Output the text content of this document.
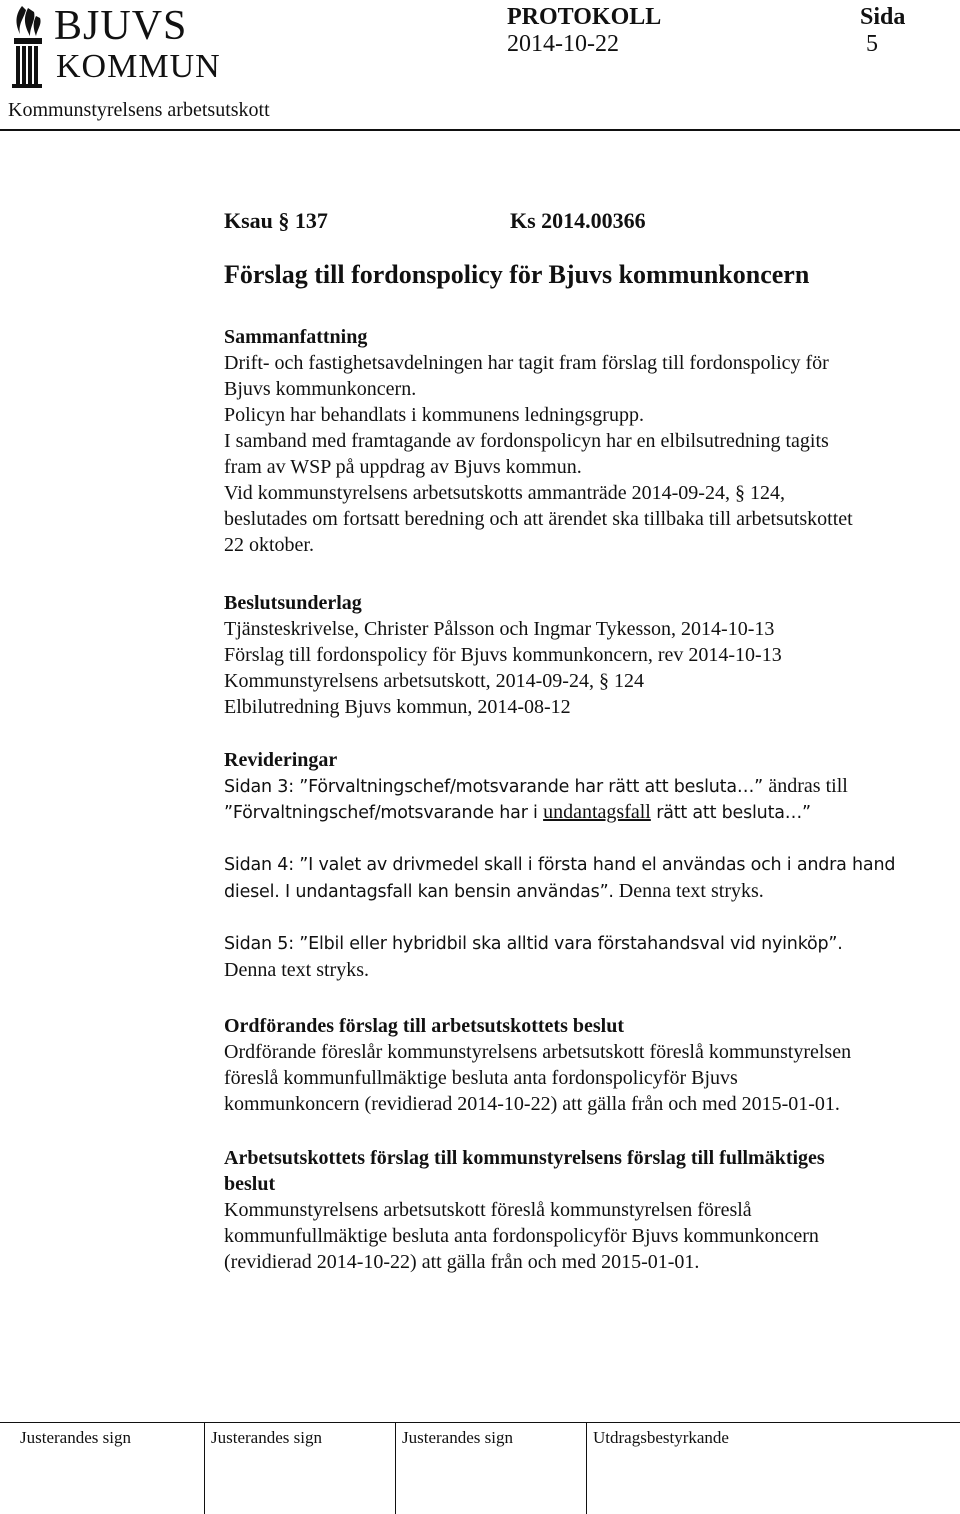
BJUVS
KOMMUN
PROTOKOLL
2014-10-22
Sida
5
Kommunstyrelsens arbetsutskott
Ksau § 137	Ks 2014.00366
Förslag till fordonspolicy för Bjuvs kommunkoncern
Sammanfattning
Drift- och fastighetsavdelningen har tagit fram förslag till fordonspolicy för
Bjuvs kommunkoncern.
Policyn har behandlats i kommunens ledningsgrupp.
I samband med framtagande av fordonspolicyn har en elbilsutredning tagits
fram av WSP på uppdrag av Bjuvs kommun.
Vid kommunstyrelsens arbetsutskotts ammanträde 2014-09-24, § 124,
beslutades om fortsatt beredning och att ärendet ska tillbaka till arbetsutskottet
22 oktober.
Beslutsunderlag
Tjänsteskrivelse, Christer Pålsson och Ingmar Tykesson, 2014-10-13
Förslag till fordonspolicy för Bjuvs kommunkoncern, rev 2014-10-13
Kommunstyrelsens arbetsutskott, 2014-09-24, § 124
Elbilutredning Bjuvs kommun, 2014-08-12
Revideringar
Sidan 3: ”Förvaltningschef/motsvarande har rätt att besluta…” ändras till
”Förvaltningschef/motsvarande har i undantagsfall rätt att besluta…”
Sidan 4: ”I valet av drivmedel skall i första hand el användas och i andra hand
diesel. I undantagsfall kan bensin användas”. Denna text stryks.
Sidan 5: ”Elbil eller hybridbil ska alltid vara förstahandsval vid nyinköp”.
Denna text stryks.
Ordförandes förslag till arbetsutskottets beslut
Ordförande föreslår kommunstyrelsens arbetsutskott föreslå kommunstyrelsen
föreslå kommunfullmäktige besluta anta fordonspolicyför Bjuvs
kommunkoncern (revidierad 2014-10-22) att gälla från och med 2015-01-01.
Arbetsutskottets förslag till kommunstyrelsens förslag till fullmäktiges
beslut
Kommunstyrelsens arbetsutskott föreslå kommunstyrelsen föreslå
kommunfullmäktige besluta anta fordonspolicyför Bjuvs kommunkoncern
(revidierad 2014-10-22) att gälla från och med 2015-01-01.
Justerandes sign	Justerandes sign	Justerandes sign	Utdragsbestyrkande
